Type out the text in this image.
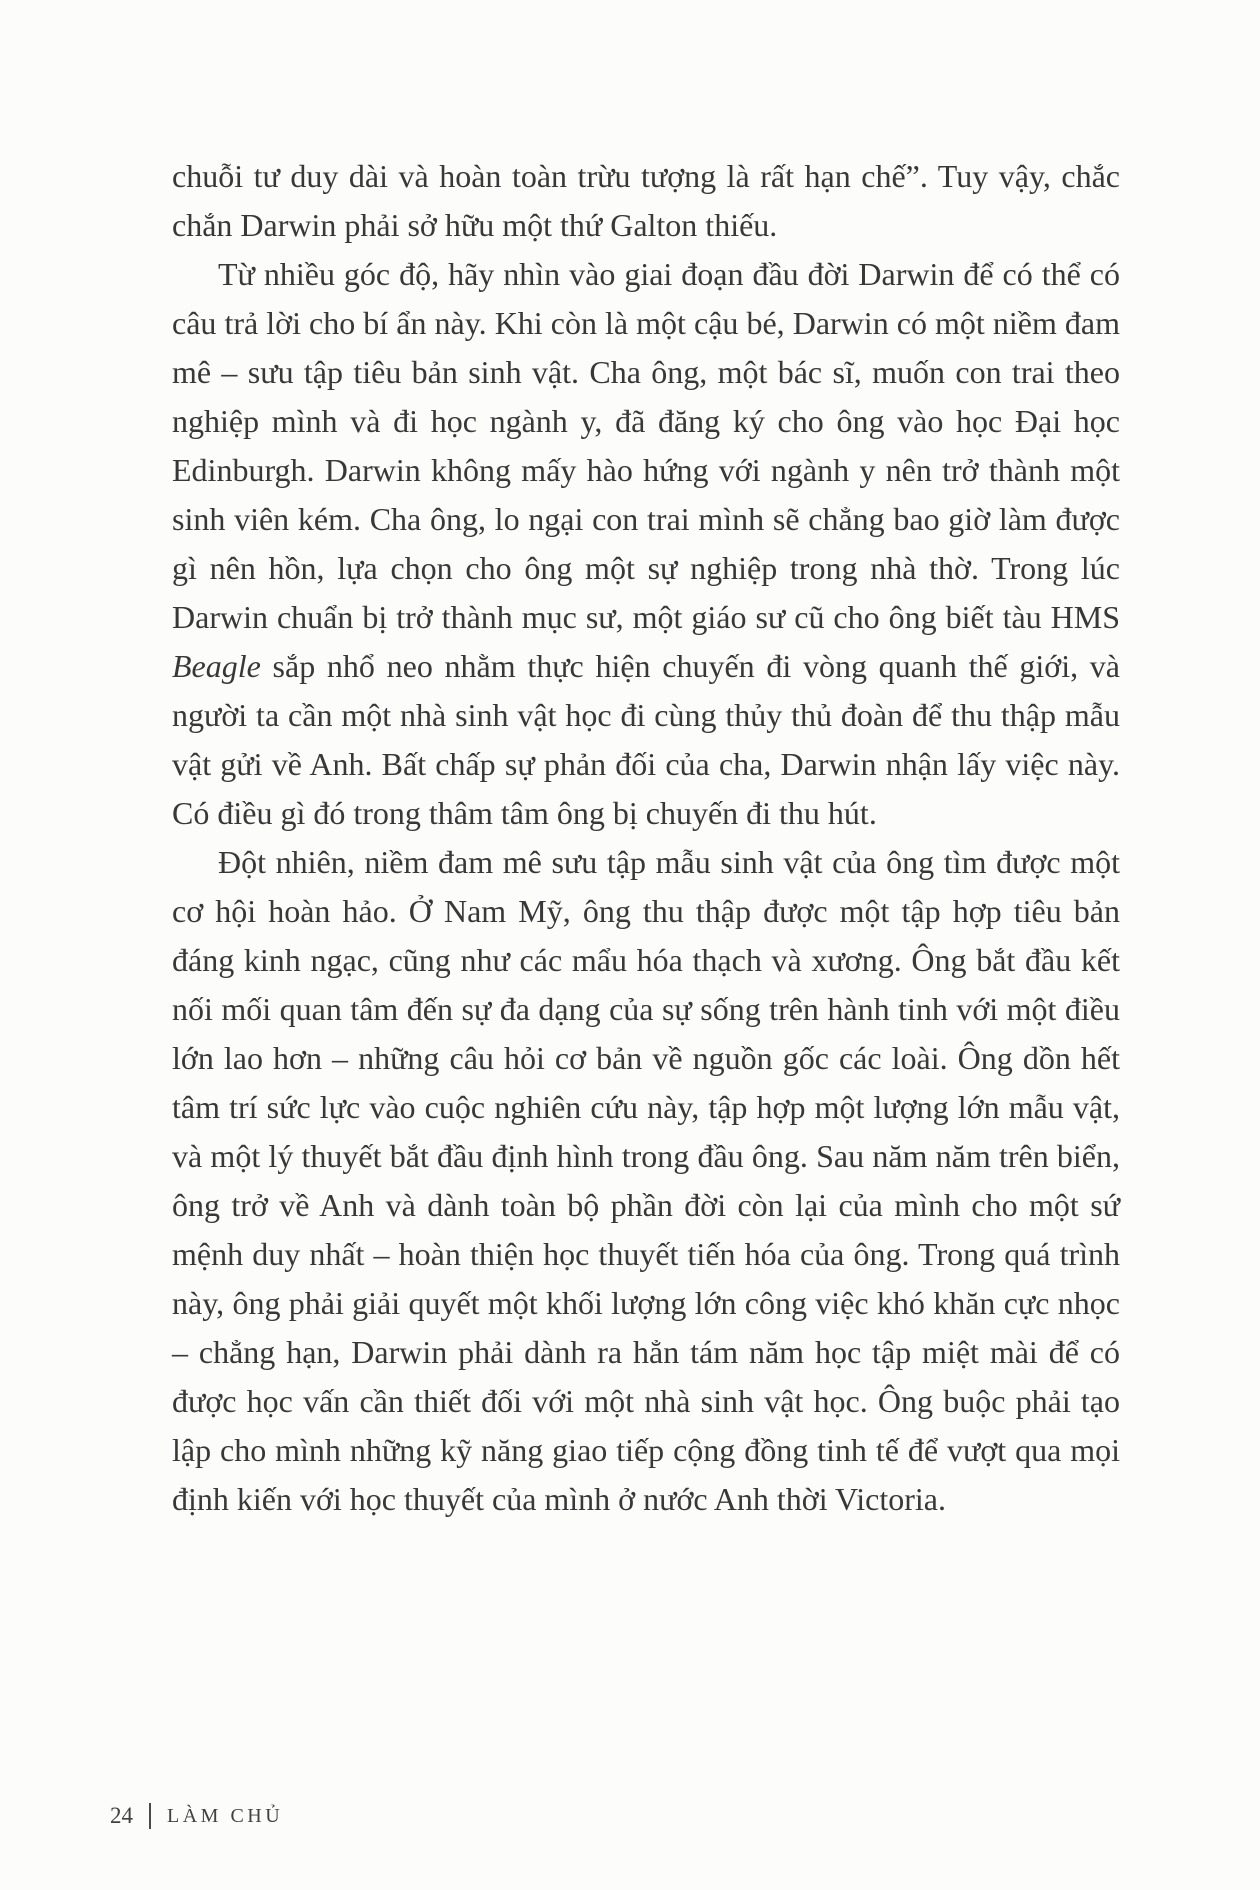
chuỗi tư duy dài và hoàn toàn trừu tượng là rất hạn chế”. Tuy vậy, chắc chắn Darwin phải sở hữu một thứ Galton thiếu.

Từ nhiều góc độ, hãy nhìn vào giai đoạn đầu đời Darwin để có thể có câu trả lời cho bí ẩn này. Khi còn là một cậu bé, Darwin có một niềm đam mê – sưu tập tiêu bản sinh vật. Cha ông, một bác sĩ, muốn con trai theo nghiệp mình và đi học ngành y, đã đăng ký cho ông vào học Đại học Edinburgh. Darwin không mấy hào hứng với ngành y nên trở thành một sinh viên kém. Cha ông, lo ngại con trai mình sẽ chẳng bao giờ làm được gì nên hồn, lựa chọn cho ông một sự nghiệp trong nhà thờ. Trong lúc Darwin chuẩn bị trở thành mục sư, một giáo sư cũ cho ông biết tàu HMS Beagle sắp nhổ neo nhằm thực hiện chuyến đi vòng quanh thế giới, và người ta cần một nhà sinh vật học đi cùng thủy thủ đoàn để thu thập mẫu vật gửi về Anh. Bất chấp sự phản đối của cha, Darwin nhận lấy việc này. Có điều gì đó trong thâm tâm ông bị chuyến đi thu hút.

Đột nhiên, niềm đam mê sưu tập mẫu sinh vật của ông tìm được một cơ hội hoàn hảo. Ở Nam Mỹ, ông thu thập được một tập hợp tiêu bản đáng kinh ngạc, cũng như các mẩu hóa thạch và xương. Ông bắt đầu kết nối mối quan tâm đến sự đa dạng của sự sống trên hành tinh với một điều lớn lao hơn – những câu hỏi cơ bản về nguồn gốc các loài. Ông dồn hết tâm trí sức lực vào cuộc nghiên cứu này, tập hợp một lượng lớn mẫu vật, và một lý thuyết bắt đầu định hình trong đầu ông. Sau năm năm trên biển, ông trở về Anh và dành toàn bộ phần đời còn lại của mình cho một sứ mệnh duy nhất – hoàn thiện học thuyết tiến hóa của ông. Trong quá trình này, ông phải giải quyết một khối lượng lớn công việc khó khăn cực nhọc – chẳng hạn, Darwin phải dành ra hẳn tám năm học tập miệt mài để có được học vấn cần thiết đối với một nhà sinh vật học. Ông buộc phải tạo lập cho mình những kỹ năng giao tiếp cộng đồng tinh tế để vượt qua mọi định kiến với học thuyết của mình ở nước Anh thời Victoria.

24 LÀM CHỦ
